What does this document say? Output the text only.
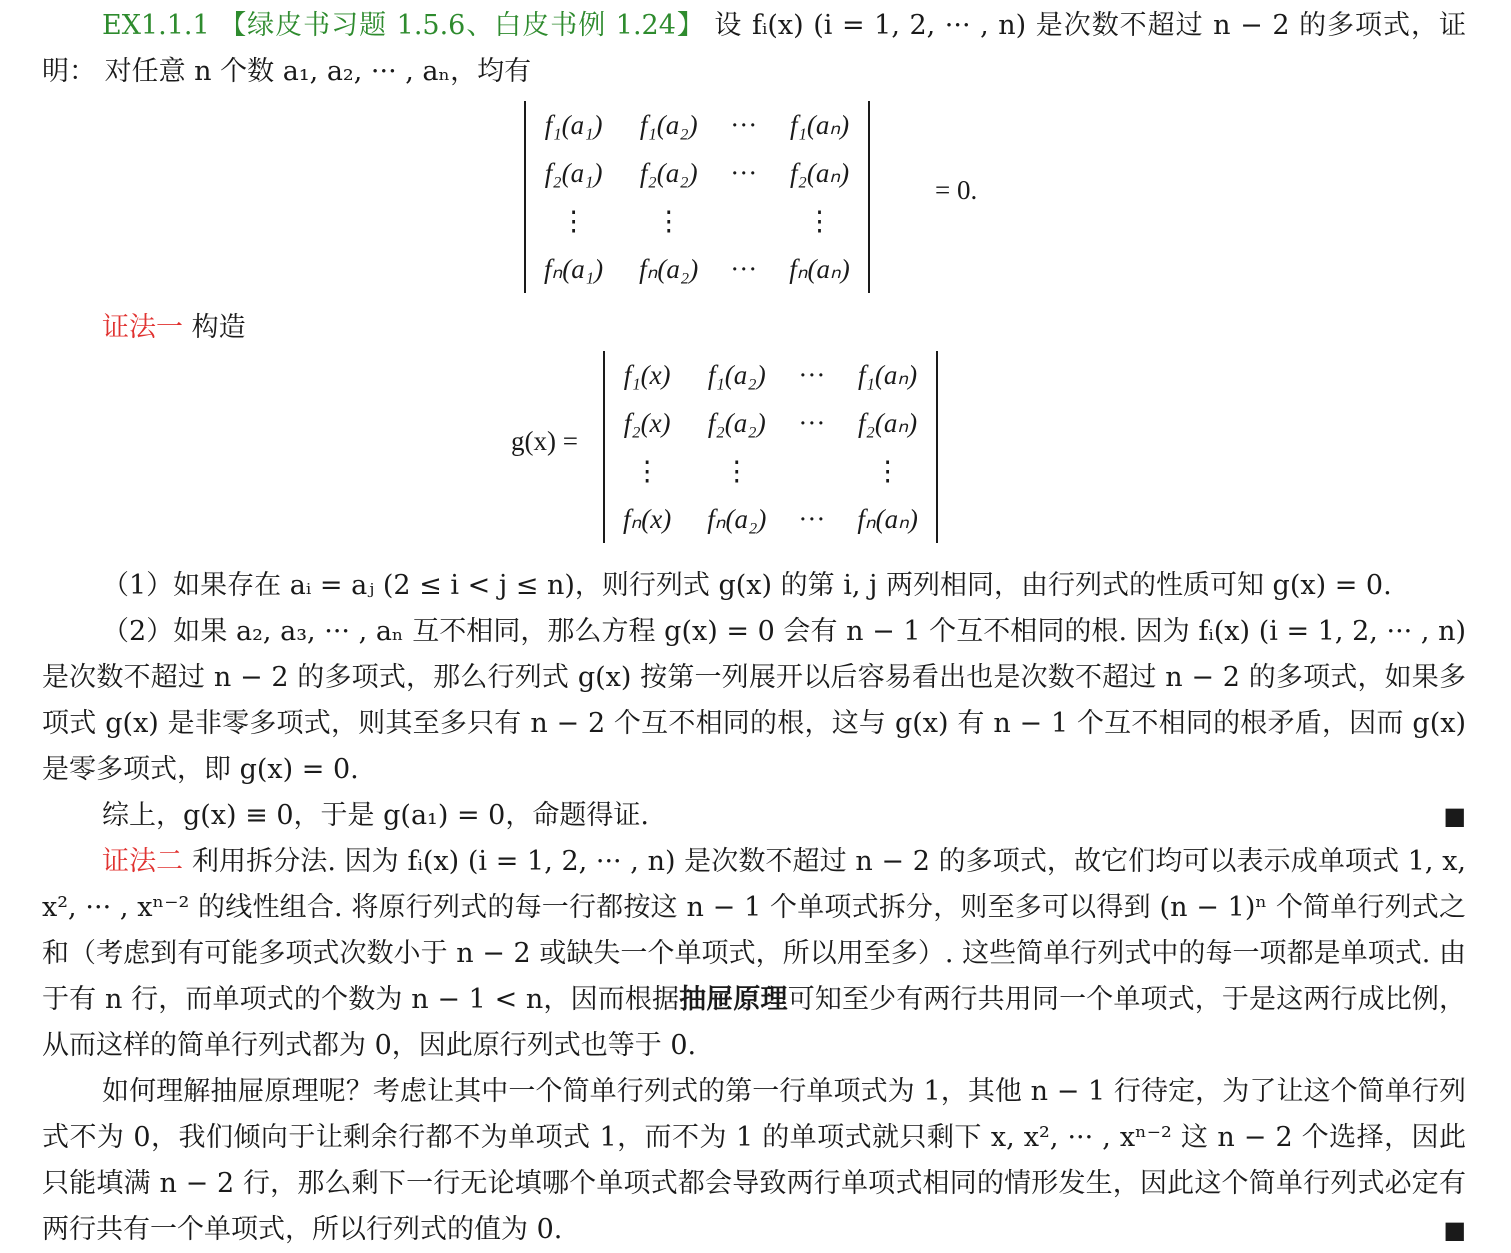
EX1.1.1 【绿皮书习题 1.5.6、白皮书例 1.24】 设 fᵢ(x) (i = 1, 2, ··· , n) 是次数不超过 n − 2 的多项式，证明： 对任意 n 个数 a₁, a₂, ··· , aₙ，均有

f₁(a₁)	f₁(a₂)	···	f₁(aₙ)
f₂(a₁)	f₂(a₂)	···	f₂(aₙ)
⋮	⋮		⋮
fₙ(a₁)	fₙ(a₂)	···	fₙ(aₙ)
= 0.

证法一 构造

g(x) =
f₁(x)	f₁(a₂)	···	f₁(aₙ)
f₂(x)	f₂(a₂)	···	f₂(aₙ)
⋮	⋮		⋮
fₙ(x)	fₙ(a₂)	···	fₙ(aₙ)

（1）如果存在 aᵢ = aⱼ (2 ≤ i < j ≤ n)，则行列式 g(x) 的第 i, j 两列相同，由行列式的性质可知 g(x) = 0.

（2）如果 a₂, a₃, ··· , aₙ 互不相同，那么方程 g(x) = 0 会有 n − 1 个互不相同的根. 因为 fᵢ(x) (i = 1, 2, ··· , n) 是次数不超过 n − 2 的多项式，那么行列式 g(x) 按第一列展开以后容易看出也是次数不超过 n − 2 的多项式，如果多项式 g(x) 是非零多项式，则其至多只有 n − 2 个互不相同的根，这与 g(x) 有 n − 1 个互不相同的根矛盾，因而 g(x) 是零多项式，即 g(x) = 0.

综上，g(x) ≡ 0，于是 g(a₁) = 0，命题得证.	■

证法二 利用拆分法. 因为 fᵢ(x) (i = 1, 2, ··· , n) 是次数不超过 n − 2 的多项式，故它们均可以表示成单项式 1, x, x², ··· , xⁿ⁻² 的线性组合. 将原行列式的每一行都按这 n − 1 个单项式拆分，则至多可以得到 (n − 1)ⁿ 个简单行列式之和（考虑到有可能多项式次数小于 n − 2 或缺失一个单项式，所以用至多）. 这些简单行列式中的每一项都是单项式. 由于有 n 行，而单项式的个数为 n − 1 < n，因而根据抽屉原理可知至少有两行共用同一个单项式，于是这两行成比例，从而这样的简单行列式都为 0，因此原行列式也等于 0.

如何理解抽屉原理呢？考虑让其中一个简单行列式的第一行单项式为 1，其他 n − 1 行待定，为了让这个简单行列式不为 0，我们倾向于让剩余行都不为单项式 1，而不为 1 的单项式就只剩下 x, x², ··· , xⁿ⁻² 这 n − 2 个选择，因此只能填满 n − 2 行，那么剩下一行无论填哪个单项式都会导致两行单项式相同的情形发生，因此这个简单行列式必定有两行共有一个单项式，所以行列式的值为 0.	■
